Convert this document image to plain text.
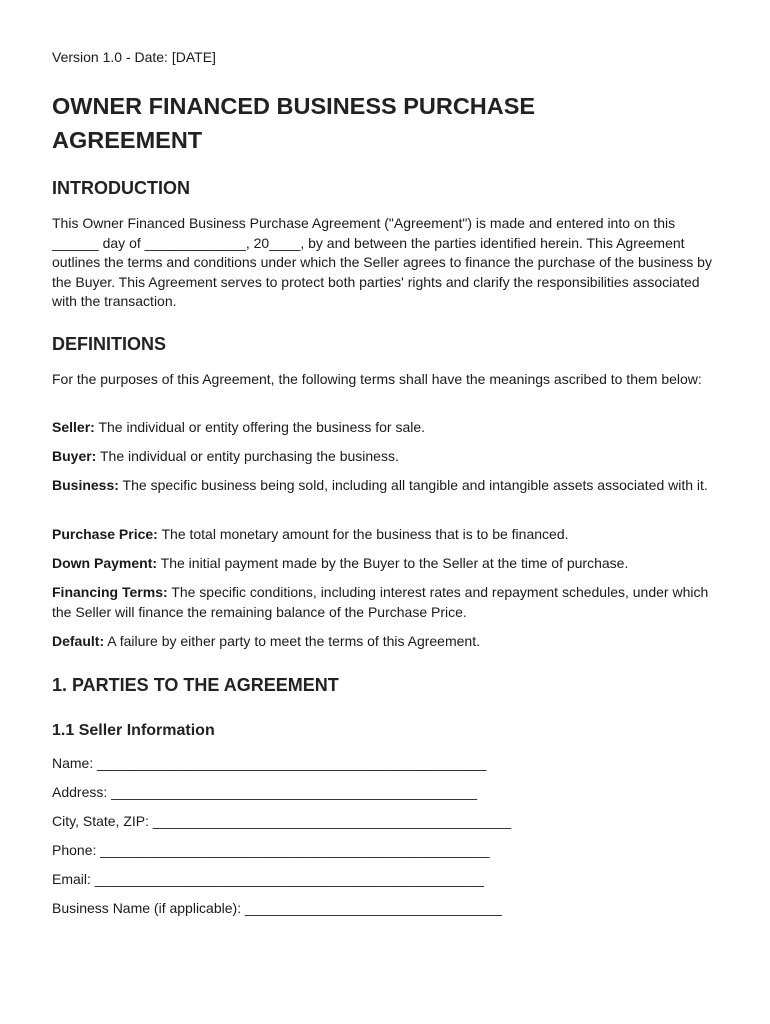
Version 1.0 - Date: [DATE]
OWNER FINANCED BUSINESS PURCHASE AGREEMENT
INTRODUCTION

This Owner Financed Business Purchase Agreement ("Agreement") is made and entered into on this ______ day of _____________, 20____, by and between the parties identified herein. This Agreement outlines the terms and conditions under which the Seller agrees to finance the purchase of the business by the Buyer. This Agreement serves to protect both parties' rights and clarify the responsibilities associated with the transaction.

DEFINITIONS

For the purposes of this Agreement, the following terms shall have the meanings ascribed to them below:

Seller: The individual or entity offering the business for sale.

Buyer: The individual or entity purchasing the business.

Business: The specific business being sold, including all tangible and intangible assets associated with it.

Purchase Price: The total monetary amount for the business that is to be financed.

Down Payment: The initial payment made by the Buyer to the Seller at the time of purchase.

Financing Terms: The specific conditions, including interest rates and repayment schedules, under which the Seller will finance the remaining balance of the Purchase Price.

Default: A failure by either party to meet the terms of this Agreement.

1. PARTIES TO THE AGREEMENT
1.1 Seller Information
Name: __________________________________________________
Address: _______________________________________________
City, State, ZIP: ______________________________________________
Phone: __________________________________________________
Email: __________________________________________________
Business Name (if applicable): _________________________________
